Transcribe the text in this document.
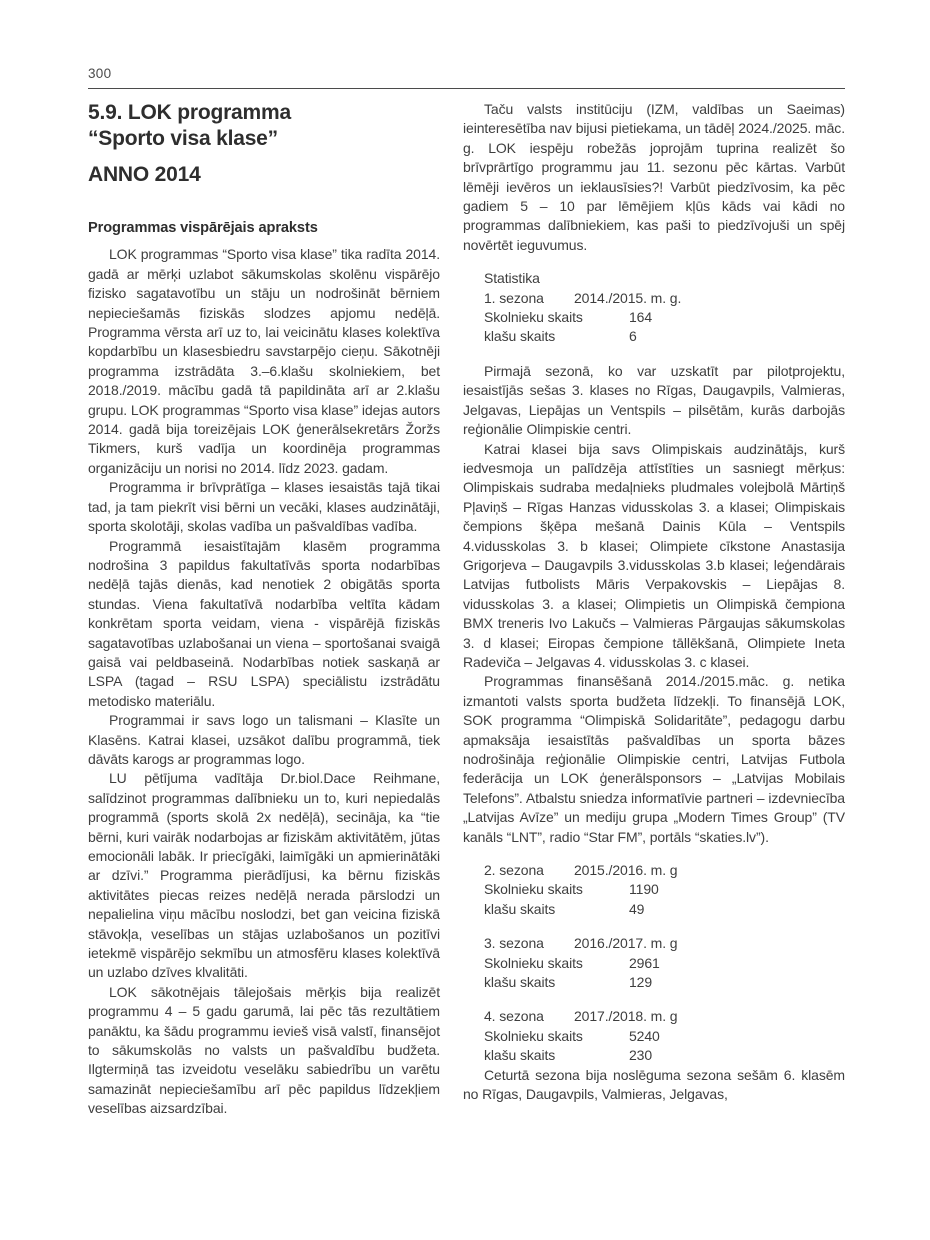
300
5.9. LOK programma
“Sporto visa klase”
ANNO 2014
Programmas vispārējais apraksts

LOK programmas “Sporto visa klase” tika radīta 2014. gadā ar mērķi uzlabot sākumskolas skolēnu vispārējo fizisko sagatavotību un stāju un nodrošināt bērniem nepieciešamās fiziskās slodzes apjomu nedēļā. Programma vērsta arī uz to, lai veicinātu klases kolektīva kopdarbību un klasesbiedru savstarpējo cieņu. Sākotnēji programma izstrādāta 3.–6.klašu skolniekiem, bet 2018./2019. mācību gadā tā papildināta arī ar 2.klašu grupu. LOK programmas “Sporto visa klase” idejas autors 2014. gadā bija toreizējais LOK ģenerālsekretārs Žoržs Tikmers, kurš vadīja un koordinēja programmas organizāciju un norisi no 2014. līdz 2023. gadam.

Programma ir brīvprātīga – klases iesaistās tajā tikai tad, ja tam piekrīt visi bērni un vecāki, klases audzinātāji, sporta skolotāji, skolas vadība un pašvaldības vadība.

Programmā iesaistītajām klasēm programma nodrošina 3 papildus fakultatīvās sporta nodarbības nedēļā tajās dienās, kad nenotiek 2 obigātās sporta stundas. Viena fakultatīvā nodarbība veltīta kādam konkrētam sporta veidam, viena - vispārējā fiziskās sagatavotības uzlabošanai un viena – sportošanai svaigā gaisā vai peldbaseinā. Nodarbības notiek saskaņā ar LSPA (tagad – RSU LSPA) speciālistu izstrādātu metodisko materiālu.

Programmai ir savs logo un talismani – Klasīte un Klasēns. Katrai klasei, uzsākot dalību programmā, tiek dāvāts karogs ar programmas logo.

LU pētījuma vadītāja Dr.biol.Dace Reihmane, salīdzinot programmas dalībnieku un to, kuri nepiedalās programmā (sports skolā 2x nedēļā), secināja, ka “tie bērni, kuri vairāk nodarbojas ar fiziskām aktivitātēm, jūtas emocionāli labāk. Ir priecīgāki, laimīgāki un apmierinātāki ar dzīvi.” Programma pierādījusi, ka bērnu fiziskās aktivitātes piecas reizes nedēļā nerada pārslodzi un nepalielina viņu mācību noslodzi, bet gan veicina fiziskā stāvokļa, veselības un stājas uzlabošanos un pozitīvi ietekmē vispārējo sekmību un atmosfēru klases kolektīvā un uzlabo dzīves klvalitāti.

LOK sākotnējais tālejošais mērķis bija realizēt programmu 4 – 5 gadu garumā, lai pēc tās rezultātiem panāktu, ka šādu programmu ievieš visā valstī, finansējot to sākumskolās no valsts un pašvaldību budžeta. Ilgtermiņā tas izveidotu veselāku sabiedrību un varētu samazināt nepieciešamību arī pēc papildus līdzekļiem veselības aizsardzībai.

Taču valsts institūciju (IZM, valdības un Saeimas) ieinteresētība nav bijusi pietiekama, un tādēļ 2024./2025. māc. g. LOK iespēju robežās joprojām tuprina realizēt šo brīvprārtīgo programmu jau 11. sezonu pēc kārtas. Varbūt lēmēji ievēros un ieklausīsies?! Varbūt piedzīvosim, ka pēc gadiem 5 – 10 par lēmējiem kļūs kāds vai kādi no programmas dalībniekiem, kas paši to piedzīvojuši un spēj novērtēt ieguvumus.

Statistika
1. sezona 2014./2015. m. g.
Skolnieku skaits	164
klašu skaits	6

Pirmajā sezonā, ko var uzskatīt par pilotprojektu, iesaistījās sešas 3. klases no Rīgas, Daugavpils, Valmieras, Jelgavas, Liepājas un Ventspils – pilsētām, kurās darbojās reģionālie Olimpiskie centri.

Katrai klasei bija savs Olimpiskais audzinātājs, kurš iedvesmoja un palīdzēja attīstīties un sasniegt mērķus: Olimpiskais sudraba medaļnieks pludmales volejbolā Mārtiņš Pļaviņš – Rīgas Hanzas vidusskolas 3. a klasei; Olimpiskais čempions šķēpa mešanā Dainis Kūla – Ventspils 4.vidusskolas 3. b klasei; Olimpiete cīkstone Anastasija Grigorjeva – Daugavpils 3.vidusskolas 3.b klasei; leģendārais Latvijas futbolists Māris Verpakovskis – Liepājas 8. vidusskolas 3. a klasei; Olimpietis un Olimpiskā čempiona BMX treneris Ivo Lakučs – Valmieras Pārgaujas sākumskolas 3. d klasei; Eiropas čempione tāllēkšanā, Olimpiete Ineta Radeviča – Jelgavas 4. vidusskolas 3. c klasei.

Programmas finansēšanā 2014./2015.māc. g. netika izmantoti valsts sporta budžeta līdzekļi. To finansējā LOK, SOK programma “Olimpiskā Solidaritāte”, pedagogu darbu apmaksāja iesaistītās pašvaldības un sporta bāzes nodrošināja reģionālie Olimpiskie centri, Latvijas Futbola federācija un LOK ģenerālsponsors – „Latvijas Mobilais Telefons”. Atbalstu sniedza informatīvie partneri – izdevniecība „Latvijas Avīze” un mediju grupa „Modern Times Group” (TV kanāls “LNT”, radio “Star FM”, portāls “skaties.lv”).

2. sezona 2015./2016. m. g
Skolnieku skaits	1190
klašu skaits	49
3. sezona 2016./2017. m. g
Skolnieku skaits	2961
klašu skaits	129
4. sezona 2017./2018. m. g
Skolnieku skaits	5240
klašu skaits	230

Ceturtā sezona bija noslēguma sezona sešām 6. klasēm no Rīgas, Daugavpils, Valmieras, Jelgavas,
